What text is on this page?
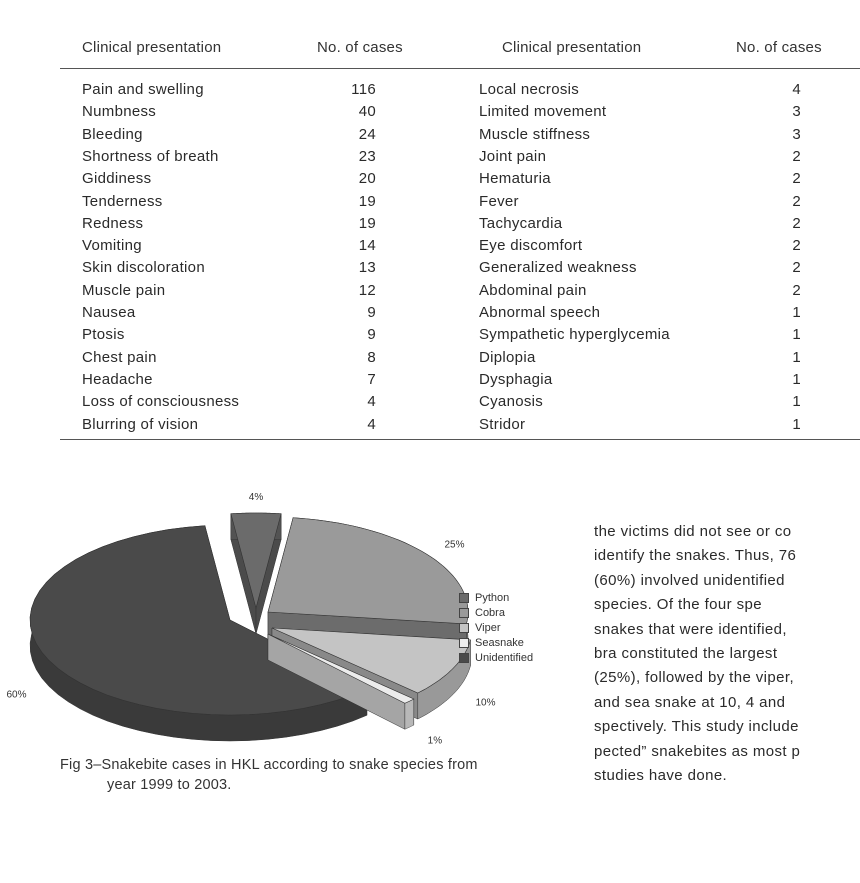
Clinical presentation	No. of cases	Clinical presentation	No. of cases
Pain and swelling	116	Local necrosis	4
Numbness	40	Limited movement	3
Bleeding	24	Muscle stiffness	3
Shortness of breath	23	Joint pain	2
Giddiness	20	Hematuria	2
Tenderness	19	Fever	2
Redness	19	Tachycardia	2
Vomiting	14	Eye discomfort	2
Skin discoloration	13	Generalized weakness	2
Muscle pain	12	Abdominal pain	2
Nausea	9	Abnormal speech	1
Ptosis	9	Sympathetic hyperglycemia	1
Chest pain	8	Diplopia	1
Headache	7	Dysphagia	1
Loss of consciousness	4	Cyanosis	1
Blurring of vision	4	Stridor	1
4%
25%
10%
1%
60%
Python
Cobra
Viper
Seasnake
Unidentified
Fig 3–Snakebite cases in HKL according to snake species from
year 1999 to 2003.
the victims did not see or co
identify the snakes. Thus, 76
(60%) involved unidentified
species. Of the four spe
snakes that were identified,
bra constituted the largest
(25%), followed by the viper,
and sea snake at 10, 4 and
spectively. This study include
pected” snakebites as most p
studies have done.
